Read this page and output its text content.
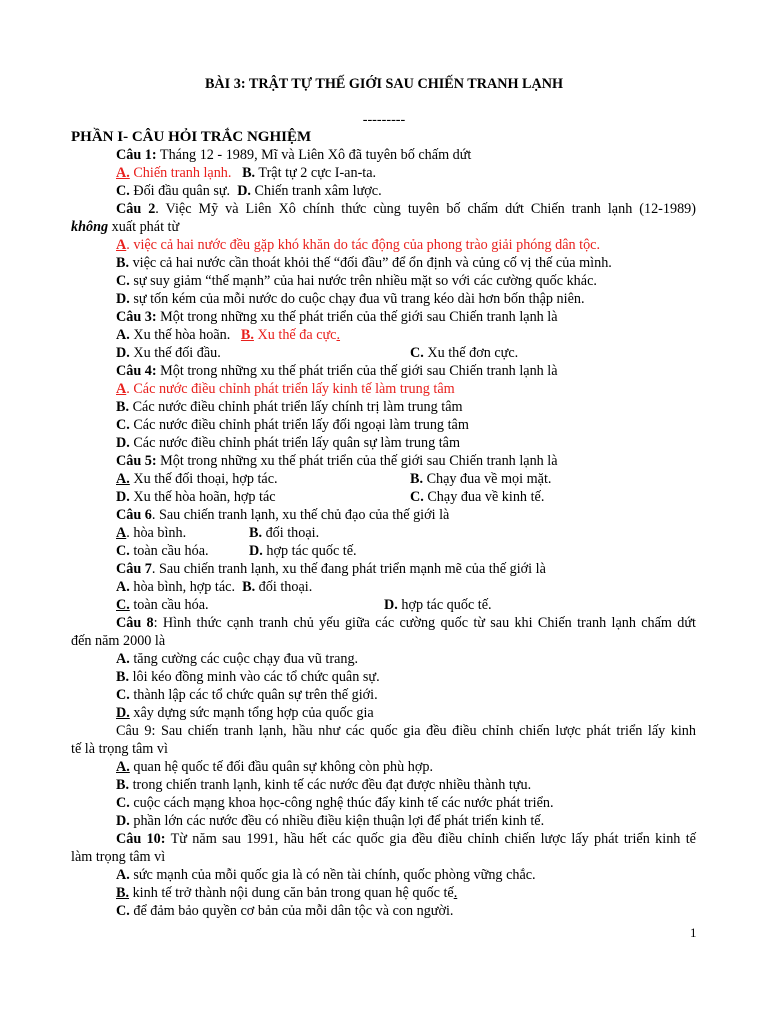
BÀI 3: TRẬT TỰ THẾ GIỚI SAU CHIẾN TRANH LẠNH
---------
PHẦN I- CÂU HỎI TRẮC NGHIỆM
Câu 1: Tháng 12 - 1989, Mĩ và Liên Xô đã tuyên bố chấm dứt
A. Chiến tranh lạnh. B. Trật tự 2 cực I-an-ta.
C. Đối đầu quân sự. D. Chiến tranh xâm lược.
Câu 2. Việc Mỹ và Liên Xô chính thức cùng tuyên bố chấm dứt Chiến tranh lạnh (12-1989)
không xuất phát từ
A. việc cả hai nước đều gặp khó khăn do tác động của phong trào giải phóng dân tộc.
B. việc cả hai nước cần thoát khỏi thế “đối đầu” để ổn định và củng cố vị thế của mình.
C. sự suy giảm “thế mạnh” của hai nước trên nhiều mặt so với các cường quốc khác.
D. sự tốn kém của mỗi nước do cuộc chạy đua vũ trang kéo dài hơn bốn thập niên.
Câu 3: Một trong những xu thế phát triển của thế giới sau Chiến tranh lạnh là
A. Xu thế hòa hoãn. B. Xu thế đa cực.
D. Xu thế đối đầu.	C. Xu thế đơn cực.
Câu 4: Một trong những xu thế phát triển của thế giới sau Chiến tranh lạnh là
A. Các nước điều chỉnh phát triển lấy kinh tế làm trung tâm
B. Các nước điều chỉnh phát triển lấy chính trị làm trung tâm
C. Các nước điều chỉnh phát triển lấy đối ngoại làm trung tâm
D. Các nước điều chỉnh phát triển lấy quân sự làm trung tâm
Câu 5: Một trong những xu thế phát triển của thế giới sau Chiến tranh lạnh là
A. Xu thế đối thoại, hợp tác.	B. Chạy đua về mọi mặt.
D. Xu thế hòa hoãn, hợp tác	C. Chạy đua về kinh tế.
Câu 6. Sau chiến tranh lạnh, xu thế chủ đạo của thế giới là
A. hòa bình.	B. đối thoại.
C. toàn cầu hóa.	D. hợp tác quốc tế.
Câu 7. Sau chiến tranh lạnh, xu thế đang phát triển mạnh mẽ của thế giới là
A. hòa bình, hợp tác. B. đối thoại.
C. toàn cầu hóa.	D. hợp tác quốc tế.
Câu 8: Hình thức cạnh tranh chủ yếu giữa các cường quốc từ sau khi Chiến tranh lạnh chấm dứt
đến năm 2000 là
A. tăng cường các cuộc chạy đua vũ trang.
B. lôi kéo đồng minh vào các tổ chức quân sự.
C. thành lập các tổ chức quân sự trên thế giới.
D. xây dựng sức mạnh tổng hợp của quốc gia
Câu 9: Sau chiến tranh lạnh, hầu như các quốc gia đều điều chỉnh chiến lược phát triển lấy kinh
tế là trọng tâm vì
A. quan hệ quốc tế đối đầu quân sự không còn phù hợp.
B. trong chiến tranh lạnh, kinh tế các nước đều đạt được nhiều thành tựu.
C. cuộc cách mạng khoa học-công nghệ thúc đẩy kinh tế các nước phát triển.
D. phần lớn các nước đều có nhiều điều kiện thuận lợi để phát triển kinh tế.
Câu 10: Từ năm sau 1991, hầu hết các quốc gia đều điều chỉnh chiến lược lấy phát triển kinh tế
làm trọng tâm vì
A. sức mạnh của mỗi quốc gia là có nền tài chính, quốc phòng vững chắc.
B. kinh tế trở thành nội dung căn bản trong quan hệ quốc tế.
C. để đảm bảo quyền cơ bản của mỗi dân tộc và con người.
1
